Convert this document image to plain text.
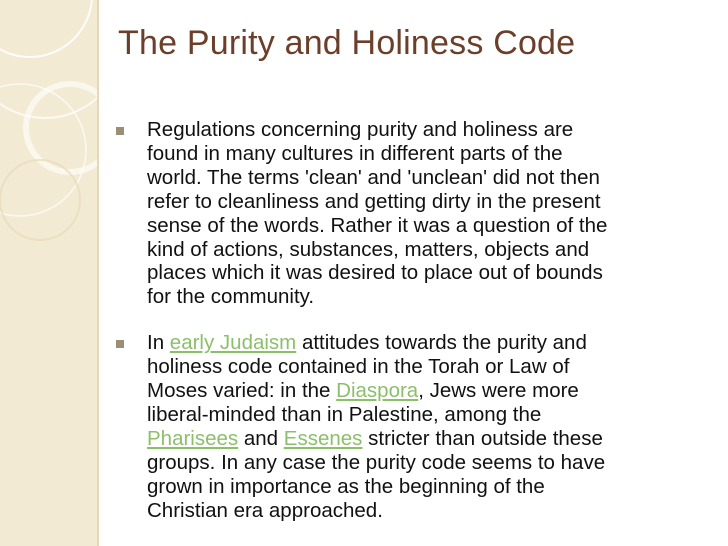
The Purity and Holiness Code
Regulations concerning purity and holiness are
found in many cultures in different parts of the
world. The terms 'clean' and 'unclean' did not then
refer to cleanliness and getting dirty in the present
sense of the words. Rather it was a question of the
kind of actions, substances, matters, objects and
places which it was desired to place out of bounds
for the community.
In early Judaism attitudes towards the purity and
holiness code contained in the Torah or Law of
Moses varied: in the Diaspora, Jews were more
liberal-minded than in Palestine, among the
Pharisees and Essenes stricter than outside these
groups. In any case the purity code seems to have
grown in importance as the beginning of the
Christian era approached.
